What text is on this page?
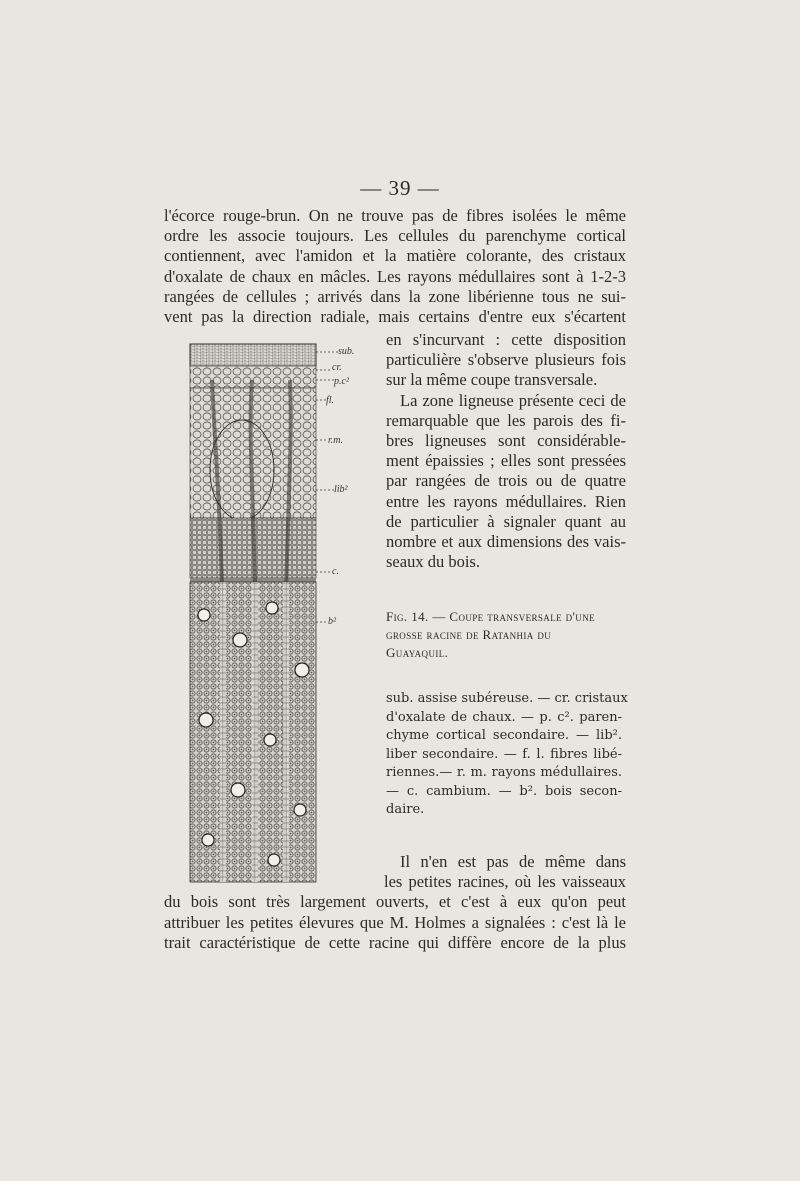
— 39 —

l'écorce rouge-brun. On ne trouve pas de fibres isolées le même
ordre les associe toujours. Les cellules du parenchyme cortical
contiennent, avec l'amidon et la matière colorante, des cristaux
d'oxalate de chaux en mâcles. Les rayons médullaires sont à 1-2-3
rangées de cellules ; arrivés dans la zone libérienne tous ne sui-
vent pas la direction radiale, mais certains d'entre eux s'écartent

en s'incurvant : cette disposition
particulière s'observe plusieurs fois
sur la même coupe transversale.
La zone ligneuse présente ceci de
remarquable que les parois des fi-
bres ligneuses sont considérable-
ment épaissies ; elles sont pressées
par rangées de trois ou de quatre
entre les rayons médullaires. Rien
de particulier à signaler quant au
nombre et aux dimensions des vais-
seaux du bois.

Fig. 14. — Coupe transversale d'une
grosse racine de Ratanhia du
Guayaquil.

sub. assise subéreuse. — cr. cristaux
d'oxalate de chaux. — p. c². paren-
chyme cortical secondaire. — lib².
liber secondaire. — f. l. fibres libé-
riennes.— r. m. rayons médullaires.
— c. cambium. — b². bois secon-
daire.

Il n'en est pas de même dans
les petites racines, où les vaisseaux
du bois sont très largement ouverts, et c'est à eux qu'on peut
attribuer les petites élevures que M. Holmes a signalées : c'est là le
trait caractéristique de cette racine qui diffère encore de la plus

sub.
cr.
p.c²
fl.
r.m.
lib²
c.
b²
